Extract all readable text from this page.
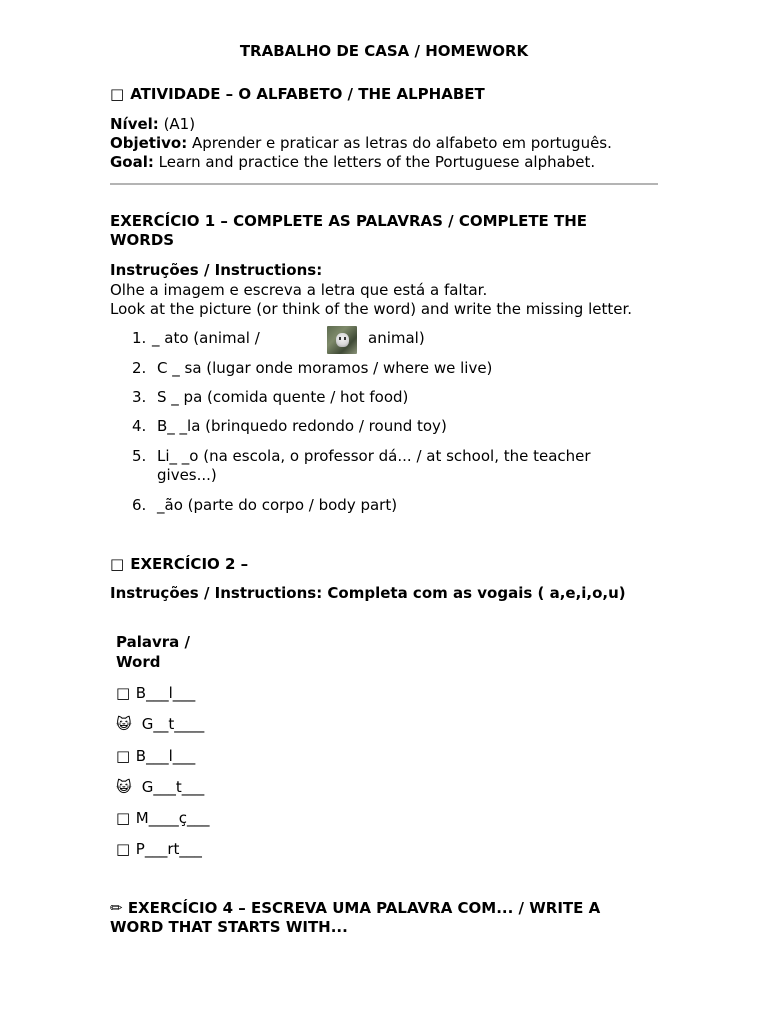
TRABALHO DE CASA / HOMEWORK
□ ATIVIDADE – O ALFABETO / THE ALPHABET
Nível: (A1)
Objetivo: Aprender e praticar as letras do alfabeto em português.
Goal: Learn and practice the letters of the Portuguese alphabet.
EXERCÍCIO 1 – COMPLETE AS PALAVRAS / COMPLETE THE
WORDS
Instruções / Instructions:
Olhe a imagem e escreva a letra que está a faltar.
Look at the picture (or think of the word) and write the missing letter.
1. _ ato (animal /	animal)
2. C _ sa (lugar onde moramos / where we live)
3. S _ pa (comida quente / hot food)
4. B_ _la (brinquedo redondo / round toy)
5. Li_ _o (na escola, o professor dá... / at school, the teacher
gives...)
6. _ão (parte do corpo / body part)
□ EXERCÍCIO 2 –
Instruções / Instructions: Completa com as vogais ( a,e,i,o,u)
Palavra /
Word
□ B___l___
😺 G__t____
□ B___l___
😺 G___t___
□ M____ç___
□ P___rt___
✏ EXERCÍCIO 4 – ESCREVA UMA PALAVRA COM... / WRITE A
WORD THAT STARTS WITH...
